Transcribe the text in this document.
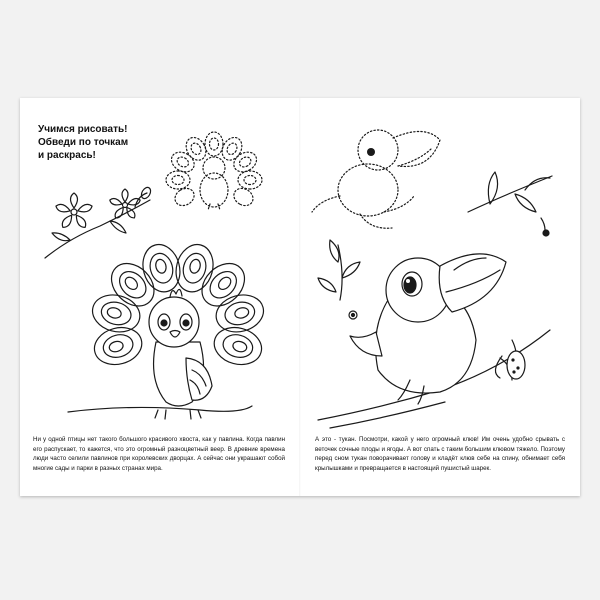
Учимся рисовать!
Обведи по точкам
и раскрась!

Ни у одной птицы нет такого большого красивого хвоста, как у павлина. Когда павлин его распускает, то кажется, что это огромный разноцветный веер. В древние времена люди часто селили павлинов при королевских дворцах. А сейчас они украшают собой многие сады и парки в разных странах мира.

А это - тукан. Посмотри, какой у него огромный клюв! Им очень удобно срывать с веточек сочные плоды и ягоды. А вот спать с таким большим клювом тяжело. Поэтому перед сном тукан поворачивает голову и кладёт клюв себе на спину, обнимает себя крылышками и превращается в настоящий пушистый шарек.
